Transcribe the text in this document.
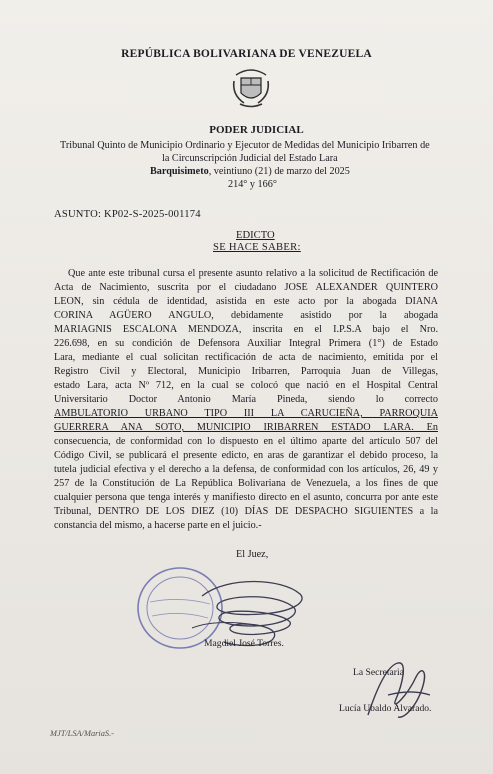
REPÚBLICA BOLIVARIANA DE VENEZUELA
PODER JUDICIAL
Tribunal Quinto de Municipio Ordinario y Ejecutor de Medidas del Municipio Iribarren de
la Circunscripción Judicial del Estado Lara
Barquisimeto, veintiuno (21) de marzo del 2025
214° y 166°
ASUNTO: KP02-S-2025-001174
EDICTO
SE HACE SABER:
Que ante este tribunal cursa el presente asunto relativo a la solicitud de Rectificación de
Acta de Nacimiento, suscrita por el ciudadano JOSE ALEXANDER QUINTERO
LEON, sin cédula de identidad, asistida en este acto por la abogada DIANA
CORINA AGÜERO ANGULO, debidamente asistido por la abogada
MARIAGNIS ESCALONA MENDOZA, inscrita en el I.P.S.A bajo el Nro.
226.698, en su condición de Defensora Auxiliar Integral Primera (1°) de Estado
Lara, mediante el cual solicitan rectificación de acta de nacimiento, emitida por el
Registro Civil y Electoral, Municipio Iribarren, Parroquia Juan de Villegas,
estado Lara, acta Nº 712, en la cual se colocó que nació en el Hospital Central
Universitario Doctor Antonio María Pineda, siendo lo correcto
AMBULATORIO URBANO TIPO III LA CARUCIEÑA, PARROQUIA
GUERRERA ANA SOTO, MUNICIPIO IRIBARREN ESTADO LARA. En
consecuencia, de conformidad con lo dispuesto en el último aparte del artículo 507 del
Código Civil, se publicará el presente edicto, en aras de garantizar el debido proceso, la
tutela judicial efectiva y el derecho a la defensa, de conformidad con los artículos, 26, 49 y
257 de la Constitución de La República Bolivariana de Venezuela, a los fines de que
cualquier persona que tenga interés y manifiesto directo en el asunto, concurra por ante este
Tribunal, DENTRO DE LOS DIEZ (10) DÍAS DE DESPACHO SIGUIENTES a la
constancia del mismo, a hacerse parte en el juicio.-
El Juez,
Magdiel José Torres.
La Secretaria
Lucía Ubaldo Alvarado.
MJT/LSA/MariaS.-
